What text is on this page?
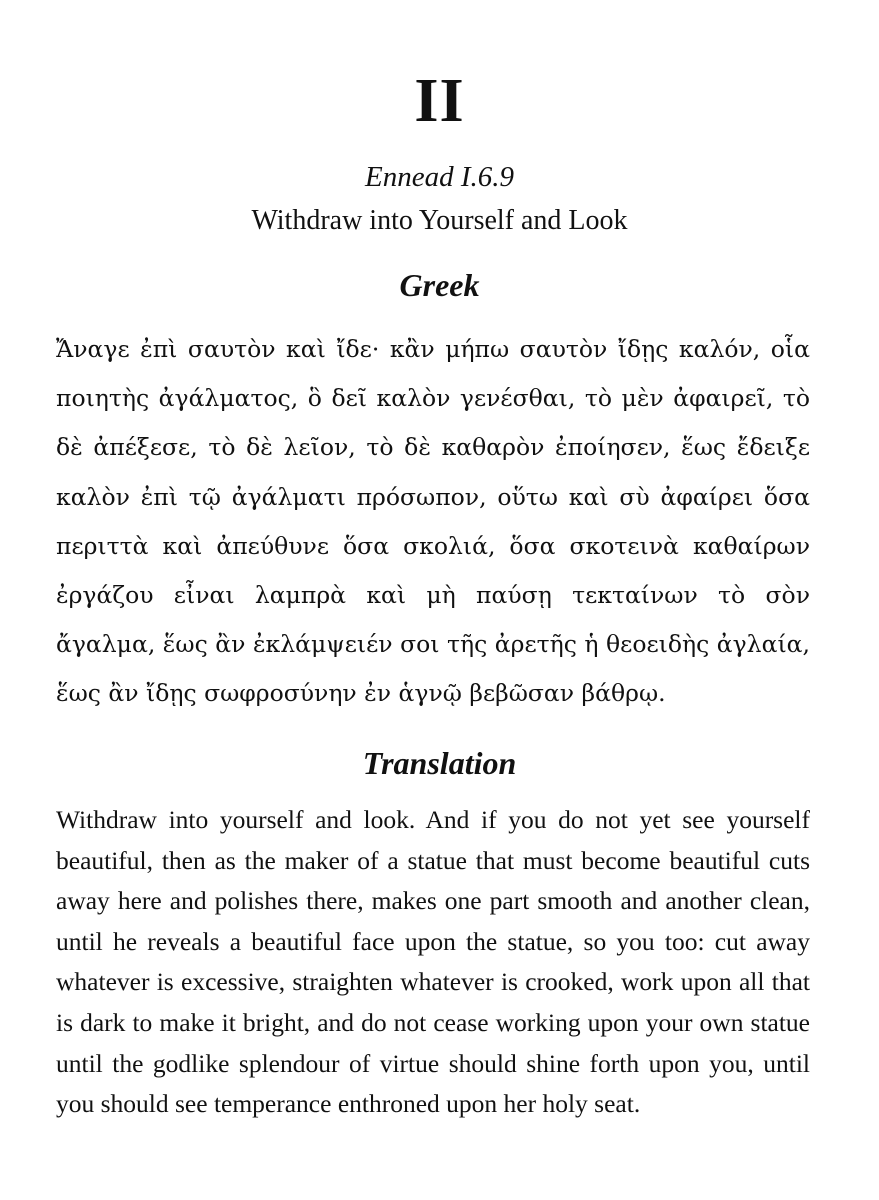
II
Ennead I.6.9
Withdraw into Yourself and Look
Greek

Ἄναγε ἐπὶ σαυτὸν καὶ ἴδε· κἂν μήπω σαυτὸν ἴδῃς καλόν, οἷα ποιητὴς ἀγάλματος, ὃ δεῖ καλὸν γενέσθαι, τὸ μὲν ἀφαιρεῖ, τὸ δὲ ἀπέξεσε, τὸ δὲ λεῖον, τὸ δὲ καθαρὸν ἐποίησεν, ἕως ἔδειξε καλὸν ἐπὶ τῷ ἀγάλματι πρόσωπον, οὕτω καὶ σὺ ἀφαίρει ὅσα περιττὰ καὶ ἀπεύθυνε ὅσα σκολιά, ὅσα σκοτεινὰ καθαίρων ἐργάζου εἶναι λαμπρὰ καὶ μὴ παύσῃ τεκταίνων τὸ σὸν ἄγαλμα, ἕως ἂν ἐκλάμψειέν σοι τῆς ἀρετῆς ἡ θεοειδὴς ἀγλαία, ἕως ἂν ἴδῃς σωφροσύνην ἐν ἁγνῷ βεβῶσαν βάθρῳ.

Translation

Withdraw into yourself and look. And if you do not yet see yourself beautiful, then as the maker of a statue that must become beautiful cuts away here and polishes there, makes one part smooth and another clean, until he reveals a beautiful face upon the statue, so you too: cut away whatever is excessive, straighten whatever is crooked, work upon all that is dark to make it bright, and do not cease working upon your own statue until the godlike splendour of virtue should shine forth upon you, until you should see temperance enthroned upon her holy seat.
